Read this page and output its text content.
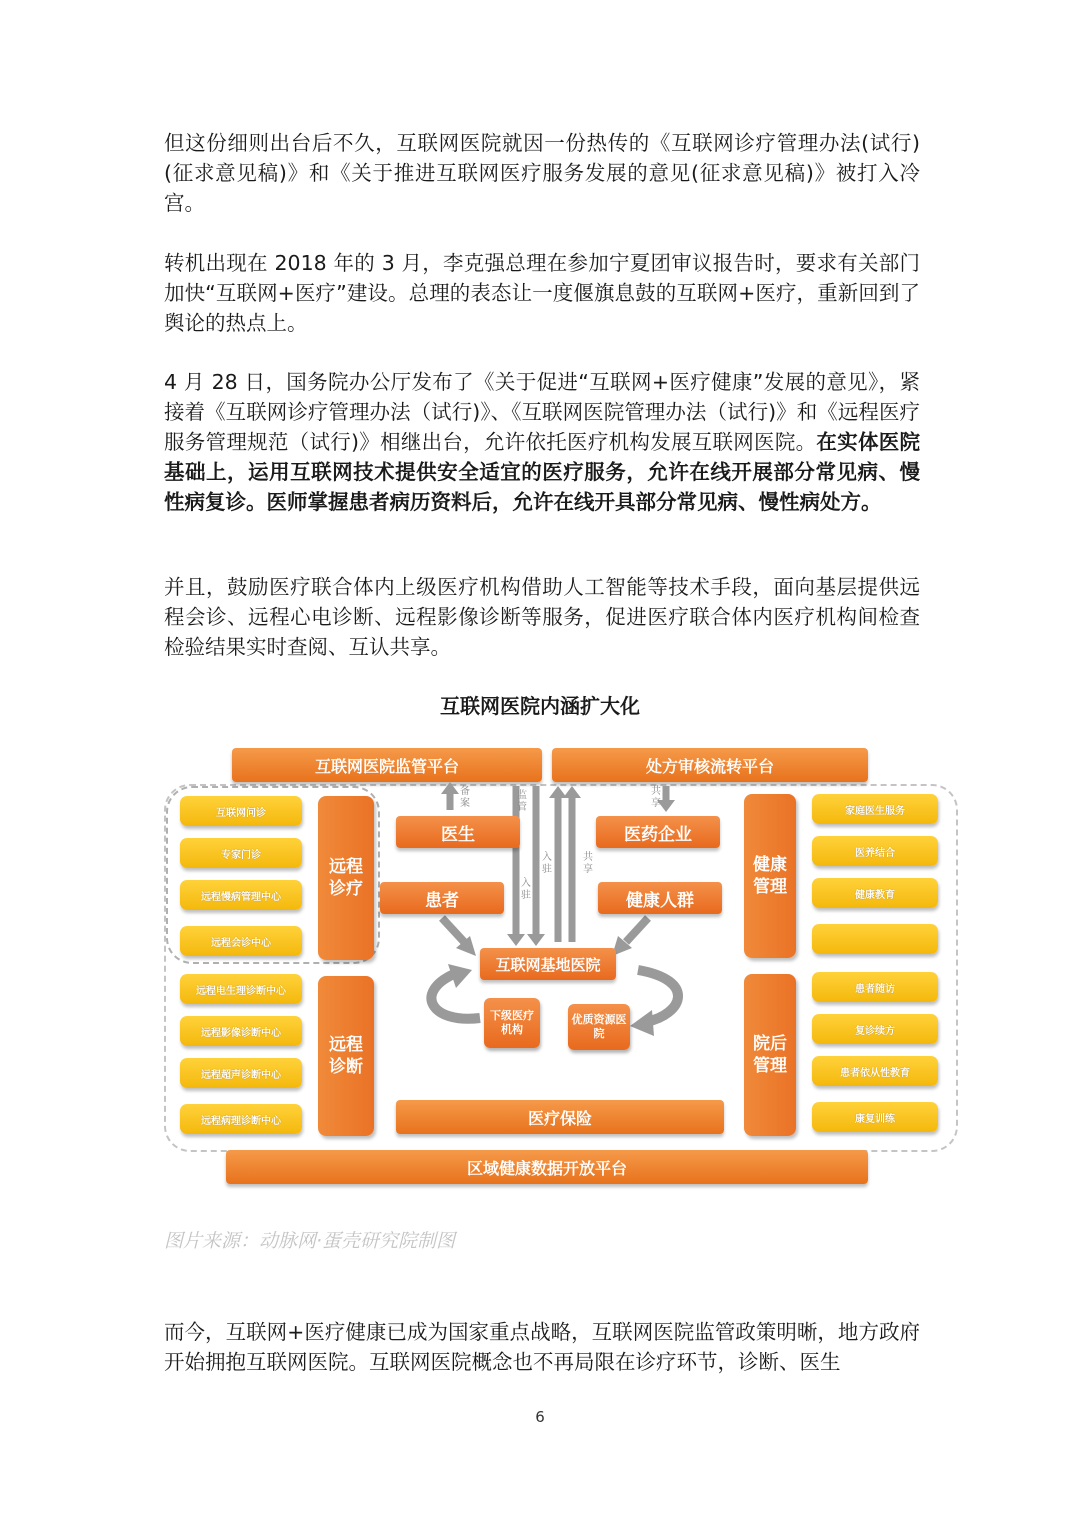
但这份细则出台后不久，互联网医院就因一份热传的《互联网诊疗管理办法(试行)(征求意见稿)》和《关于推进互联网医疗服务发展的意见(征求意见稿)》被打入冷宫。

转机出现在 2018 年的 3 月，李克强总理在参加宁夏团审议报告时，要求有关部门加快“互联网+医疗”建设。总理的表态让一度偃旗息鼓的互联网+医疗，重新回到了舆论的热点上。

4 月 28 日，国务院办公厅发布了《关于促进“互联网+医疗健康”发展的意见》，紧接着《互联网诊疗管理办法（试行)》、《互联网医院管理办法（试行)》和《远程医疗服务管理规范（试行)》相继出台，允许依托医疗机构发展互联网医院。在实体医院基础上，运用互联网技术提供安全适宜的医疗服务，允许在线开展部分常见病、慢性病复诊。医师掌握患者病历资料后，允许在线开具部分常见病、慢性病处方。

并且，鼓励医疗联合体内上级医疗机构借助人工智能等技术手段，面向基层提供远程会诊、远程心电诊断、远程影像诊断等服务，促进医疗联合体内医疗机构间检查检验结果实时查阅、互认共享。

互联网医院内涵扩大化
互联网医院监管平台	处方审核流转平台
互联网问诊
专家门诊
远程慢病管理中心
远程会诊中心
远程电生理诊断中心
远程影像诊断中心
远程超声诊断中心
远程病理诊断中心
远程诊疗
远程诊断
健康管理
院后管理
家庭医生服务
医养结合
健康教育
患者随访
复诊续方
患者依从性教育
康复训练
备案
监管
共享
入驻
入驻
共享
医生	医药企业
患者	健康人群
互联网基地医院
下级医疗机构
优质资源医院
医疗保险
区域健康数据开放平台
图片来源：动脉网·蛋壳研究院制图

而今，互联网+医疗健康已成为国家重点战略，互联网医院监管政策明晰，地方政府开始拥抱互联网医院。互联网医院概念也不再局限在诊疗环节，诊断、医生

6
